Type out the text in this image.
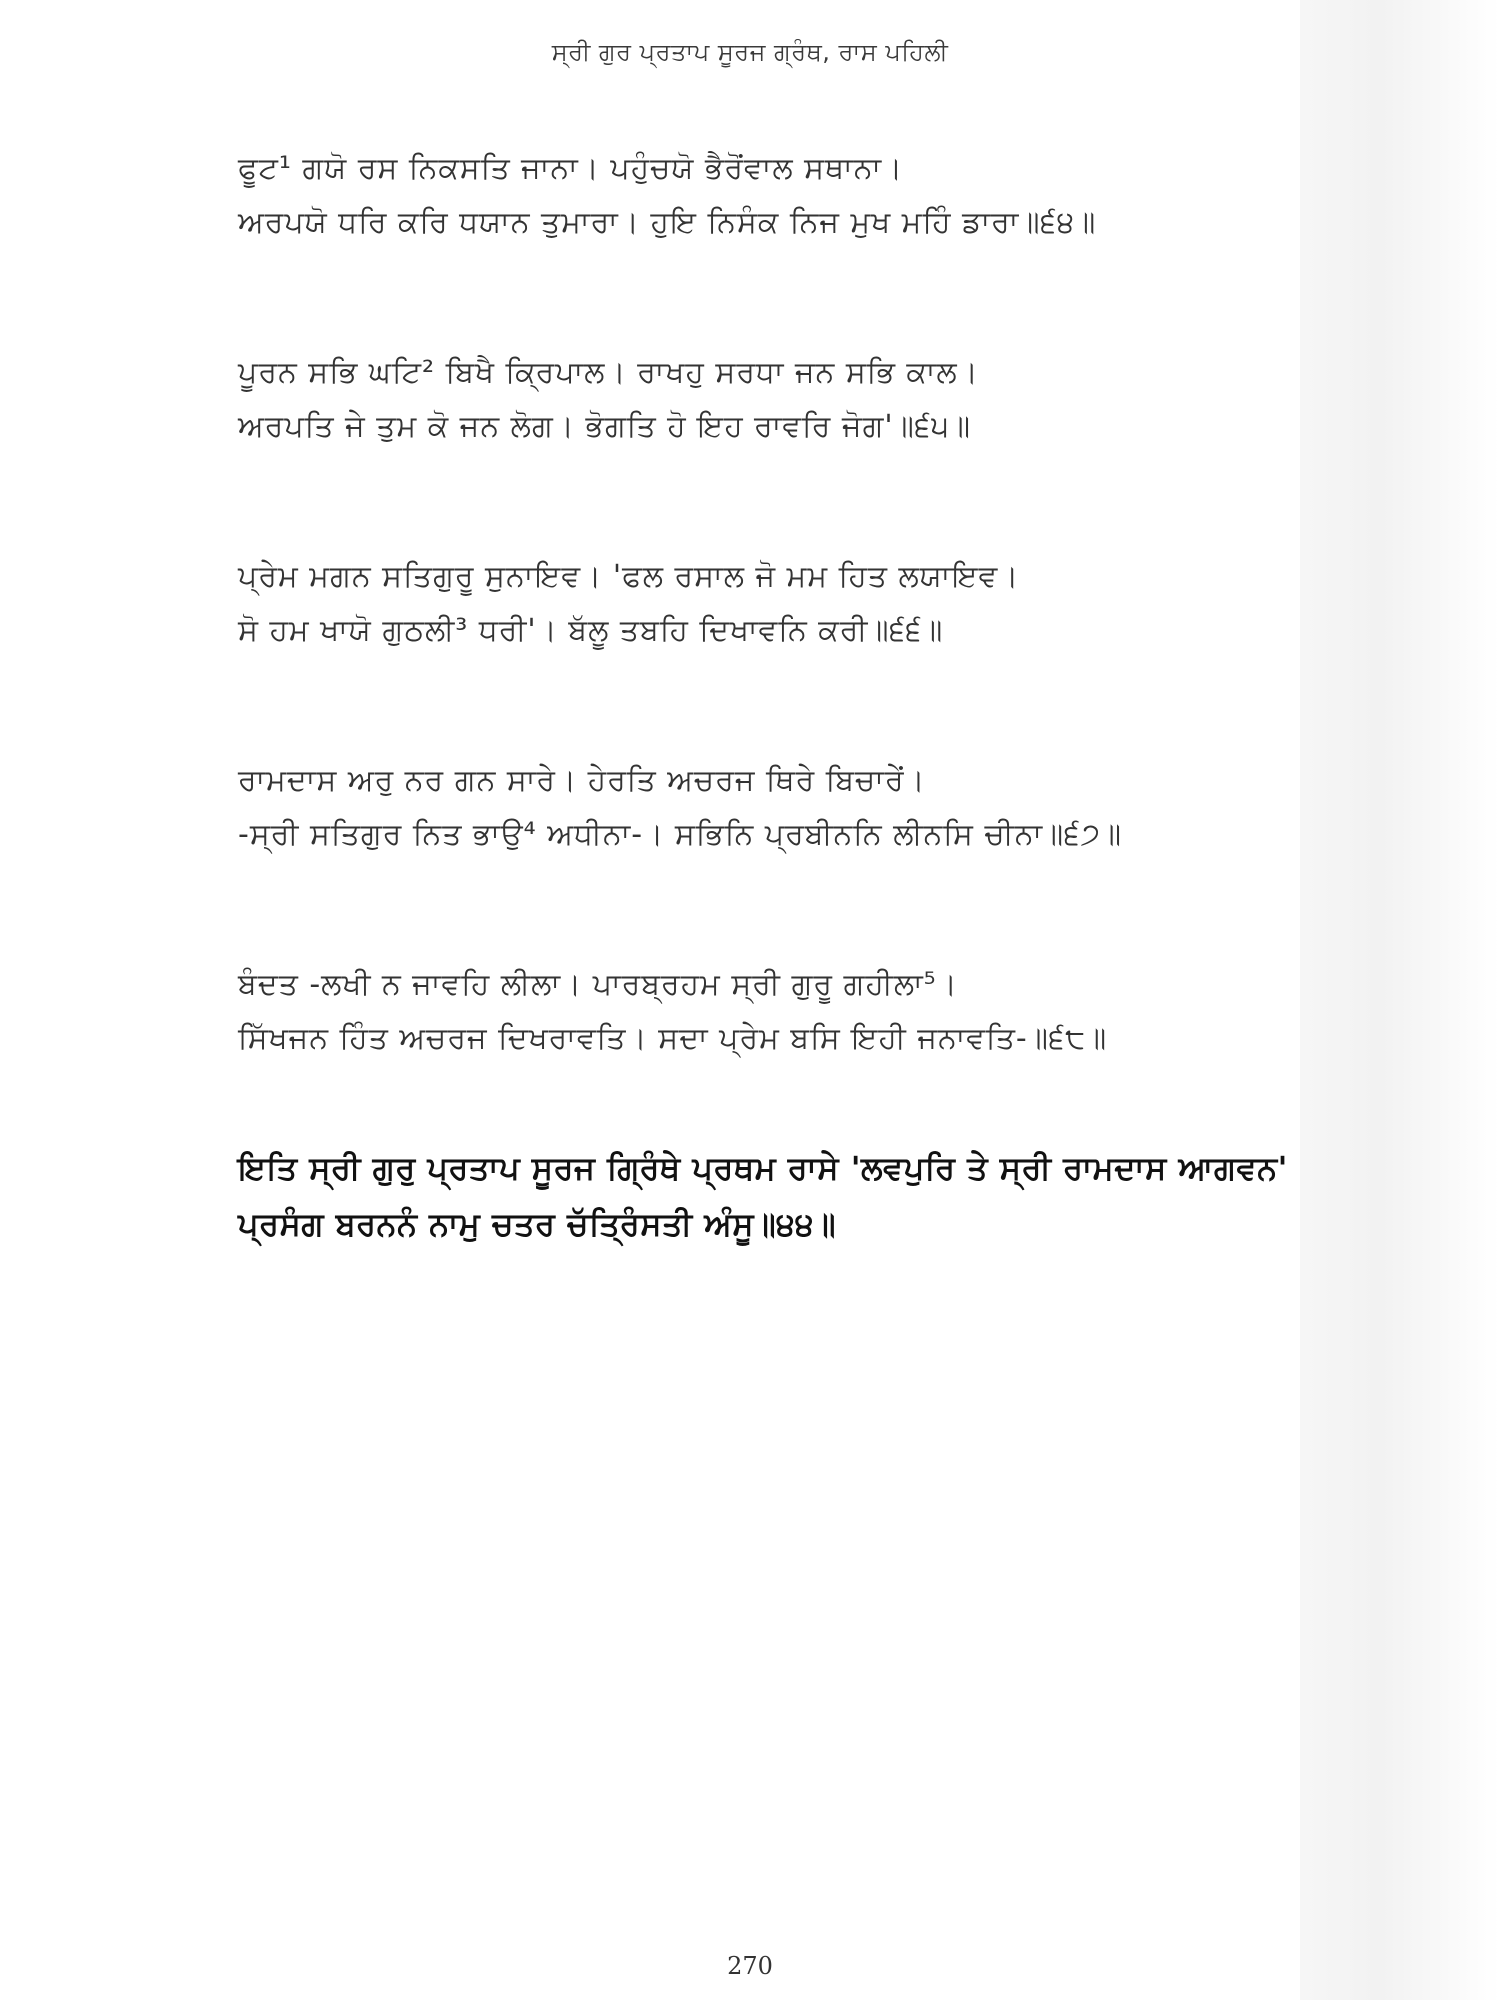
ਸ੍ਰੀ ਗੁਰ ਪ੍ਰਤਾਪ ਸੂਰਜ ਗ੍ਰੰਥ, ਰਾਸ ਪਹਿਲੀ
ਫੂਟ¹ ਗਯੋ ਰਸ ਨਿਕਸਤਿ ਜਾਨਾ। ਪਹੁੰਚਯੋ ਭੈਰੋਂਵਾਲ ਸਥਾਨਾ।
ਅਰਪਯੋ ਧਰਿ ਕਰਿ ਧਯਾਨ ਤੁਮਾਰਾ। ਹੁਇ ਨਿਸੰਕ ਨਿਜ ਮੁਖ ਮਹਿੰ ਡਾਰਾ॥੬੪॥
ਪੂਰਨ ਸਭਿ ਘਟਿ² ਬਿਖੈ ਕ੍ਰਿਪਾਲ। ਰਾਖਹੁ ਸਰਧਾ ਜਨ ਸਭਿ ਕਾਲ।
ਅਰਪਤਿ ਜੇ ਤੁਮ ਕੋ ਜਨ ਲੋਗ। ਭੋਗਤਿ ਹੋ ਇਹ ਰਾਵਰਿ ਜੋਗ'॥੬੫॥
ਪ੍ਰੇਮ ਮਗਨ ਸਤਿਗੁਰੂ ਸੁਨਾਇਵ। 'ਫਲ ਰਸਾਲ ਜੋ ਮਮ ਹਿਤ ਲਯਾਇਵ।
ਸੋ ਹਮ ਖਾਯੋ ਗੁਠਲੀ³ ਧਰੀ'। ਬੱਲੂ ਤਬਹਿ ਦਿਖਾਵਨਿ ਕਰੀ॥੬੬॥
ਰਾਮਦਾਸ ਅਰੁ ਨਰ ਗਨ ਸਾਰੇ। ਹੇਰਤਿ ਅਚਰਜ ਥਿਰੇ ਬਿਚਾਰੇਂ।
-ਸ੍ਰੀ ਸਤਿਗੁਰ ਨਿਤ ਭਾਉ⁴ ਅਧੀਨਾ-। ਸਭਿਨਿ ਪ੍ਰਬੀਨਨਿ ਲੀਨਸਿ ਚੀਨਾ॥੬੭॥
ਬੰਦਤ -ਲਖੀ ਨ ਜਾਵਹਿ ਲੀਲਾ। ਪਾਰਬ੍ਰਹਮ ਸ੍ਰੀ ਗੁਰੂ ਗਹੀਲਾ⁵।
ਸਿੱਖਜਨ ਹਿੰਤ ਅਚਰਜ ਦਿਖਰਾਵਤਿ। ਸਦਾ ਪ੍ਰੇਮ ਬਸਿ ਇਹੀ ਜਨਾਵਤਿ-॥੬੮॥
ਇਤਿ ਸ੍ਰੀ ਗੁਰੁ ਪ੍ਰਤਾਪ ਸੂਰਜ ਗ੍ਰਿੰਥੇ ਪ੍ਰਥਮ ਰਾਸੇ 'ਲਵਪੁਰਿ ਤੇ ਸ੍ਰੀ ਰਾਮਦਾਸ ਆਗਵਨ'
ਪ੍ਰਸੰਗ ਬਰਨਨੰ ਨਾਮੁ ਚਤਰ ਚੱਤ੍ਰਿੰਸਤੀ ਅੰਸੂ॥੪੪॥
270
